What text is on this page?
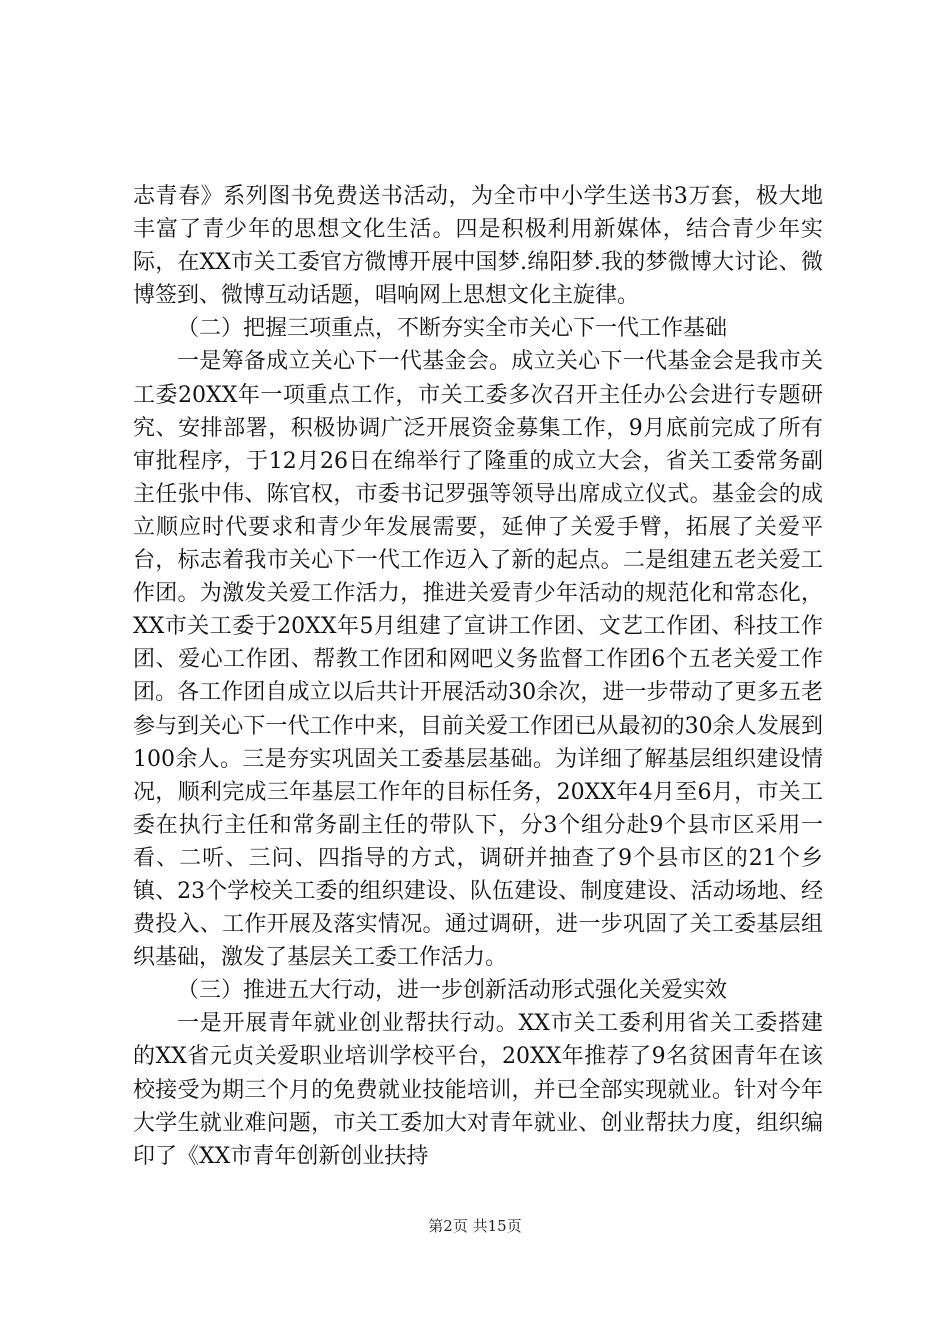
志青春》系列图书免费送书活动，为全市中小学生送书3万套，极大地丰富了青少年的思想文化生活。四是积极利用新媒体，结合青少年实际，在XX市关工委官方微博开展中国梦.绵阳梦.我的梦微博大讨论、微博签到、微博互动话题，唱响网上思想文化主旋律。

（二）把握三项重点，不断夯实全市关心下一代工作基础

一是筹备成立关心下一代基金会。成立关心下一代基金会是我市关工委20XX年一项重点工作，市关工委多次召开主任办公会进行专题研究、安排部署，积极协调广泛开展资金募集工作，9月底前完成了所有审批程序，于12月26日在绵举行了隆重的成立大会，省关工委常务副主任张中伟、陈官权，市委书记罗强等领导出席成立仪式。基金会的成立顺应时代要求和青少年发展需要，延伸了关爱手臂，拓展了关爱平台，标志着我市关心下一代工作迈入了新的起点。二是组建五老关爱工作团。为激发关爱工作活力，推进关爱青少年活动的规范化和常态化，XX市关工委于20XX年5月组建了宣讲工作团、文艺工作团、科技工作团、爱心工作团、帮教工作团和网吧义务监督工作团6个五老关爱工作团。各工作团自成立以后共计开展活动30余次，进一步带动了更多五老参与到关心下一代工作中来，目前关爱工作团已从最初的30余人发展到100余人。三是夯实巩固关工委基层基础。为详细了解基层组织建设情况，顺利完成三年基层工作年的目标任务，20XX年4月至6月，市关工委在执行主任和常务副主任的带队下，分3个组分赴9个县市区采用一看、二听、三问、四指导的方式，调研并抽查了9个县市区的21个乡镇、23个学校关工委的组织建设、队伍建设、制度建设、活动场地、经费投入、工作开展及落实情况。通过调研，进一步巩固了关工委基层组织基础，激发了基层关工委工作活力。

（三）推进五大行动，进一步创新活动形式强化关爱实效

一是开展青年就业创业帮扶行动。XX市关工委利用省关工委搭建的XX省元贞关爱职业培训学校平台，20XX年推荐了9名贫困青年在该校接受为期三个月的免费就业技能培训，并已全部实现就业。针对今年大学生就业难问题，市关工委加大对青年就业、创业帮扶力度，组织编印了《XX市青年创新创业扶持

第2页 共15页
